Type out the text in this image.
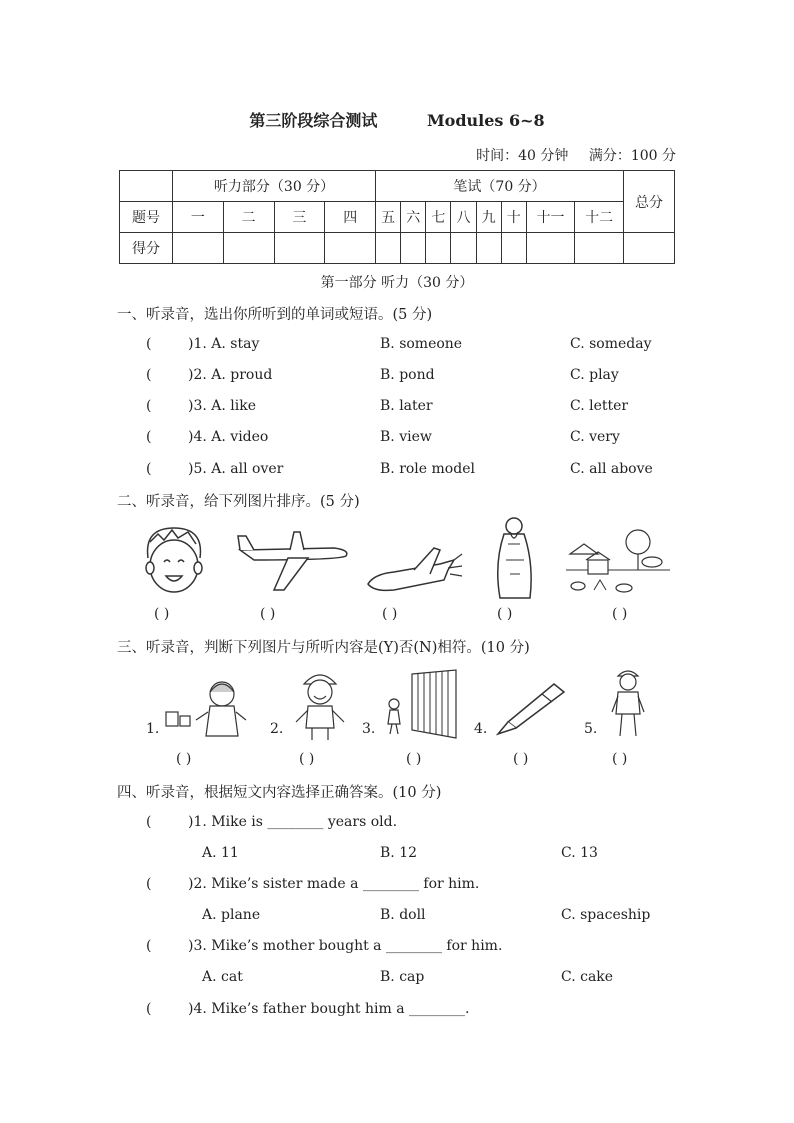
第三阶段综合测试	Modules 6~8
时间：40 分钟 满分：100 分
	听力部分（30 分）				笔试（70 分）								总分
题号	一	二	三	四	五	六	七	八	九	十	十一	十二	
得分													
第一部分 听力（30 分）
一、听录音，选出你所听到的单词或短语。(5 分)
(	)1. A. stay	B. someone	C. someday
(	)2. A. proud	B. pond	C. play
(	)3. A. like	B. later	C. letter
(	)4. A. video	B. view	C. very
(	)5. A. all over	B. role model	C. all above
二、听录音，给下列图片排序。(5 分)
( )	( )	( )	( )	( )
三、听录音，判断下列图片与所听内容是(Y)否(N)相符。(10 分)
1.	2.	3.	4.	5.
( )	( )	( )	( )	( )
四、听录音，根据短文内容选择正确答案。(10 分)
(	)1. Mike is ________ years old.
A. 11	B. 12	C. 13
(	)2. Mike’s sister made a ________ for him.
A. plane	B. doll	C. spaceship
(	)3. Mike’s mother bought a ________ for him.
A. cat	B. cap	C. cake
(	)4. Mike’s father bought him a ________.
